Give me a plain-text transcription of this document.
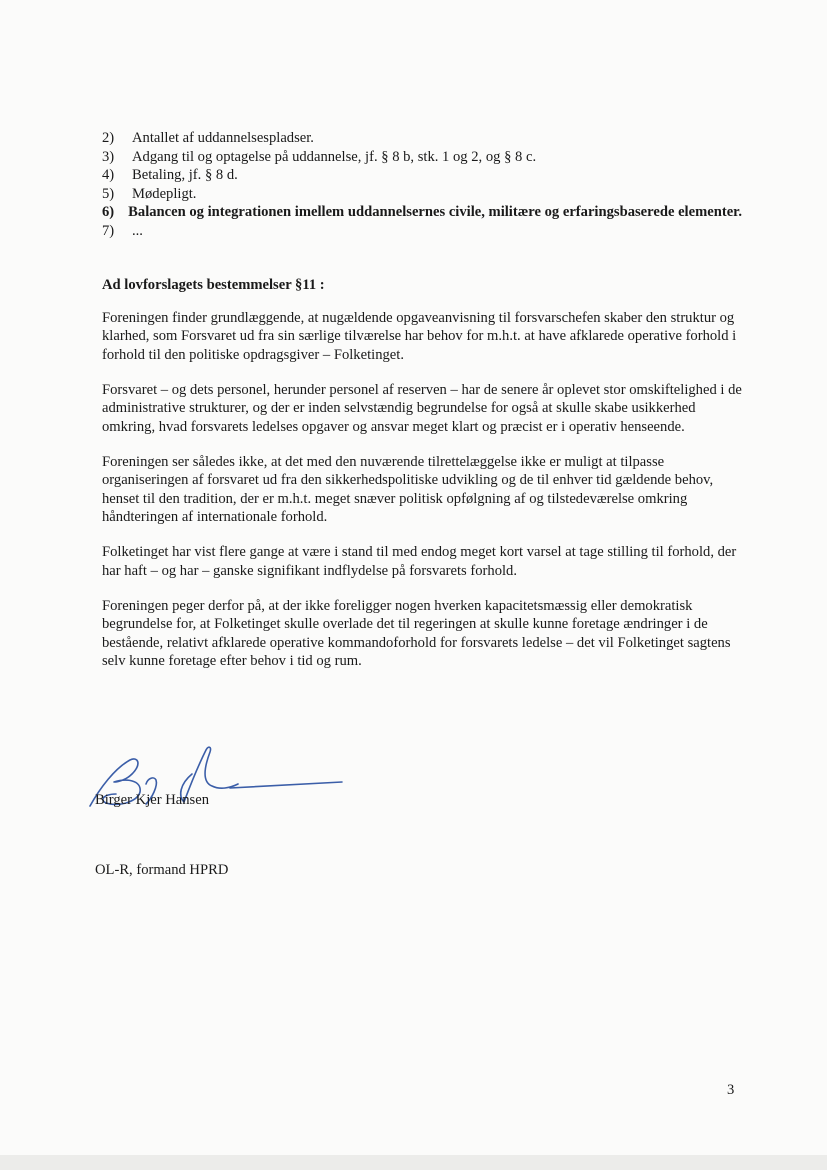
2)	Antallet af uddannelsespladser.
3)	Adgang til og optagelse på uddannelse, jf. § 8 b, stk. 1 og 2, og § 8 c.
4)	Betaling, jf. § 8 d.
5)	Mødepligt.
6) Balancen og integrationen imellem uddannelsernes civile, militære og erfaringsbaserede elementer.
7)	...
Ad lovforslagets bestemmelser §11 :

Foreningen finder grundlæggende, at nugældende opgaveanvisning til forsvarschefen skaber den struktur og klarhed, som Forsvaret ud fra sin særlige tilværelse har behov for m.h.t. at have afklarede operative forhold i forhold til den politiske opdragsgiver – Folketinget.

Forsvaret – og dets personel, herunder personel af reserven – har de senere år oplevet stor omskiftelighed i de administrative strukturer, og der er inden selvstændig begrundelse for også at skulle skabe usikkerhed omkring, hvad forsvarets ledelses opgaver og ansvar meget klart og præcist er i operativ henseende.

Foreningen ser således ikke, at det med den nuværende tilrettelæggelse ikke er muligt at tilpasse organiseringen af forsvaret ud fra den sikkerhedspolitiske udvikling og de til enhver tid gældende behov, henset til den tradition, der er m.h.t. meget snæver politisk opfølgning af og tilstedeværelse omkring håndteringen af internationale forhold.

Folketinget har vist flere gange at være i stand til med endog meget kort varsel at tage stilling til forhold, der har haft – og har – ganske signifikant indflydelse på forsvarets forhold.

Foreningen peger derfor på, at der ikke foreligger nogen hverken kapacitetsmæssig eller demokratisk begrundelse for, at Folketinget skulle overlade det til regeringen at skulle kunne foretage ændringer i de bestående, relativt afklarede operative kommandoforhold for forsvarets ledelse – det vil Folketinget sagtens selv kunne foretage efter behov i tid og rum.

Birger Kjer Hansen
OL-R, formand HPRD
3
